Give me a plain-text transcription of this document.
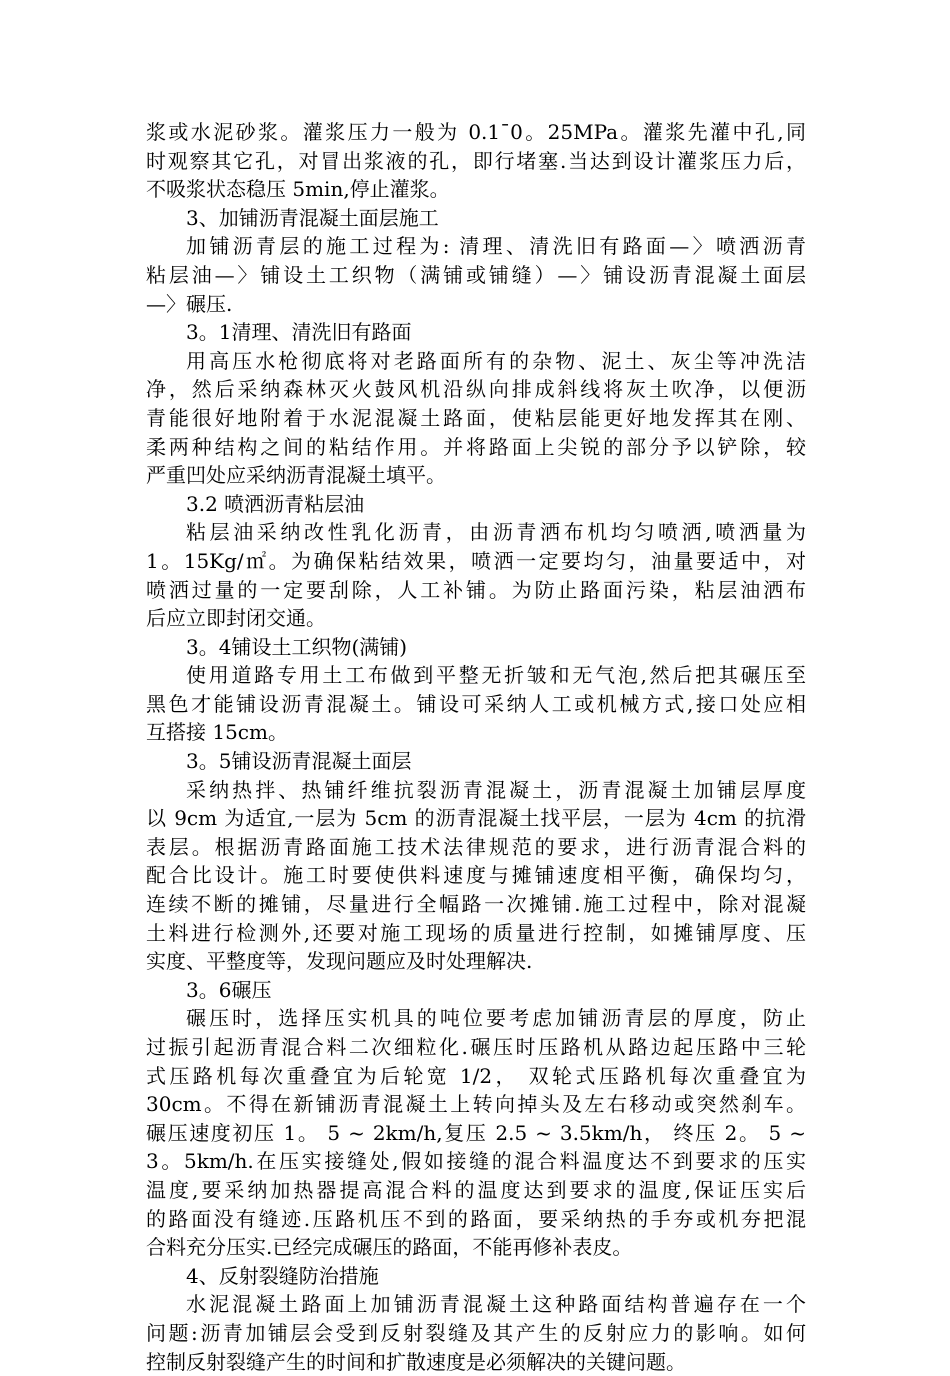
浆或水泥砂浆。灌浆压力一般为 0.1¯0。25MPa。灌浆先灌中孔,同
时观察其它孔，对冒出浆液的孔，即行堵塞.当达到设计灌浆压力后，
不吸浆状态稳压 5min,停止灌浆。
3、加铺沥青混凝土面层施工
加铺沥青层的施工过程为: 清理、清洗旧有路面—〉喷洒沥青
粘层油—〉铺设土工织物（满铺或铺缝）—〉铺设沥青混凝土面层
—〉碾压.
3。1清理、清洗旧有路面
用高压水枪彻底将对老路面所有的杂物、泥土、灰尘等冲洗洁
净，然后采纳森林灭火鼓风机沿纵向排成斜线将灰土吹净，以便沥
青能很好地附着于水泥混凝土路面，使粘层能更好地发挥其在刚、
柔两种结构之间的粘结作用。并将路面上尖锐的部分予以铲除，较
严重凹处应采纳沥青混凝土填平。
3.2 喷洒沥青粘层油
粘层油采纳改性乳化沥青，由沥青洒布机均匀喷洒,喷洒量为
1。15Kg/㎡。为确保粘结效果，喷洒一定要均匀，油量要适中，对
喷洒过量的一定要刮除，人工补铺。为防止路面污染，粘层油洒布
后应立即封闭交通。
3。4铺设土工织物(满铺)
使用道路专用土工布做到平整无折皱和无气泡,然后把其碾压至
黑色才能铺设沥青混凝土。铺设可采纳人工或机械方式,接口处应相
互搭接 15cm。
3。5铺设沥青混凝土面层
采纳热拌、热铺纤维抗裂沥青混凝土，沥青混凝土加铺层厚度
以 9cm 为适宜,一层为 5cm 的沥青混凝土找平层，一层为 4cm 的抗滑
表层。根据沥青路面施工技术法律规范的要求，进行沥青混合料的
配合比设计。施工时要使供料速度与摊铺速度相平衡，确保均匀，
连续不断的摊铺，尽量进行全幅路一次摊铺.施工过程中，除对混凝
土料进行检测外,还要对施工现场的质量进行控制，如摊铺厚度、压
实度、平整度等，发现问题应及时处理解决.
3。6碾压
碾压时，选择压实机具的吨位要考虑加铺沥青层的厚度，防止
过振引起沥青混合料二次细粒化.碾压时压路机从路边起压路中三轮
式压路机每次重叠宜为后轮宽 1/2， 双轮式压路机每次重叠宜为
30cm。不得在新铺沥青混凝土上转向掉头及左右移动或突然刹车。
碾压速度初压 1。 5 ~ 2km/h,复压 2.5 ~ 3.5km/h， 终压 2。 5 ~
3。5km/h.在压实接缝处,假如接缝的混合料温度达不到要求的压实
温度,要采纳加热器提高混合料的温度达到要求的温度,保证压实后
的路面没有缝迹.压路机压不到的路面，要采纳热的手夯或机夯把混
合料充分压实.已经完成碾压的路面，不能再修补表皮。
4、反射裂缝防治措施
水泥混凝土路面上加铺沥青混凝土这种路面结构普遍存在一个
问题:沥青加铺层会受到反射裂缝及其产生的反射应力的影响。如何
控制反射裂缝产生的时间和扩散速度是必须解决的关键问题。
